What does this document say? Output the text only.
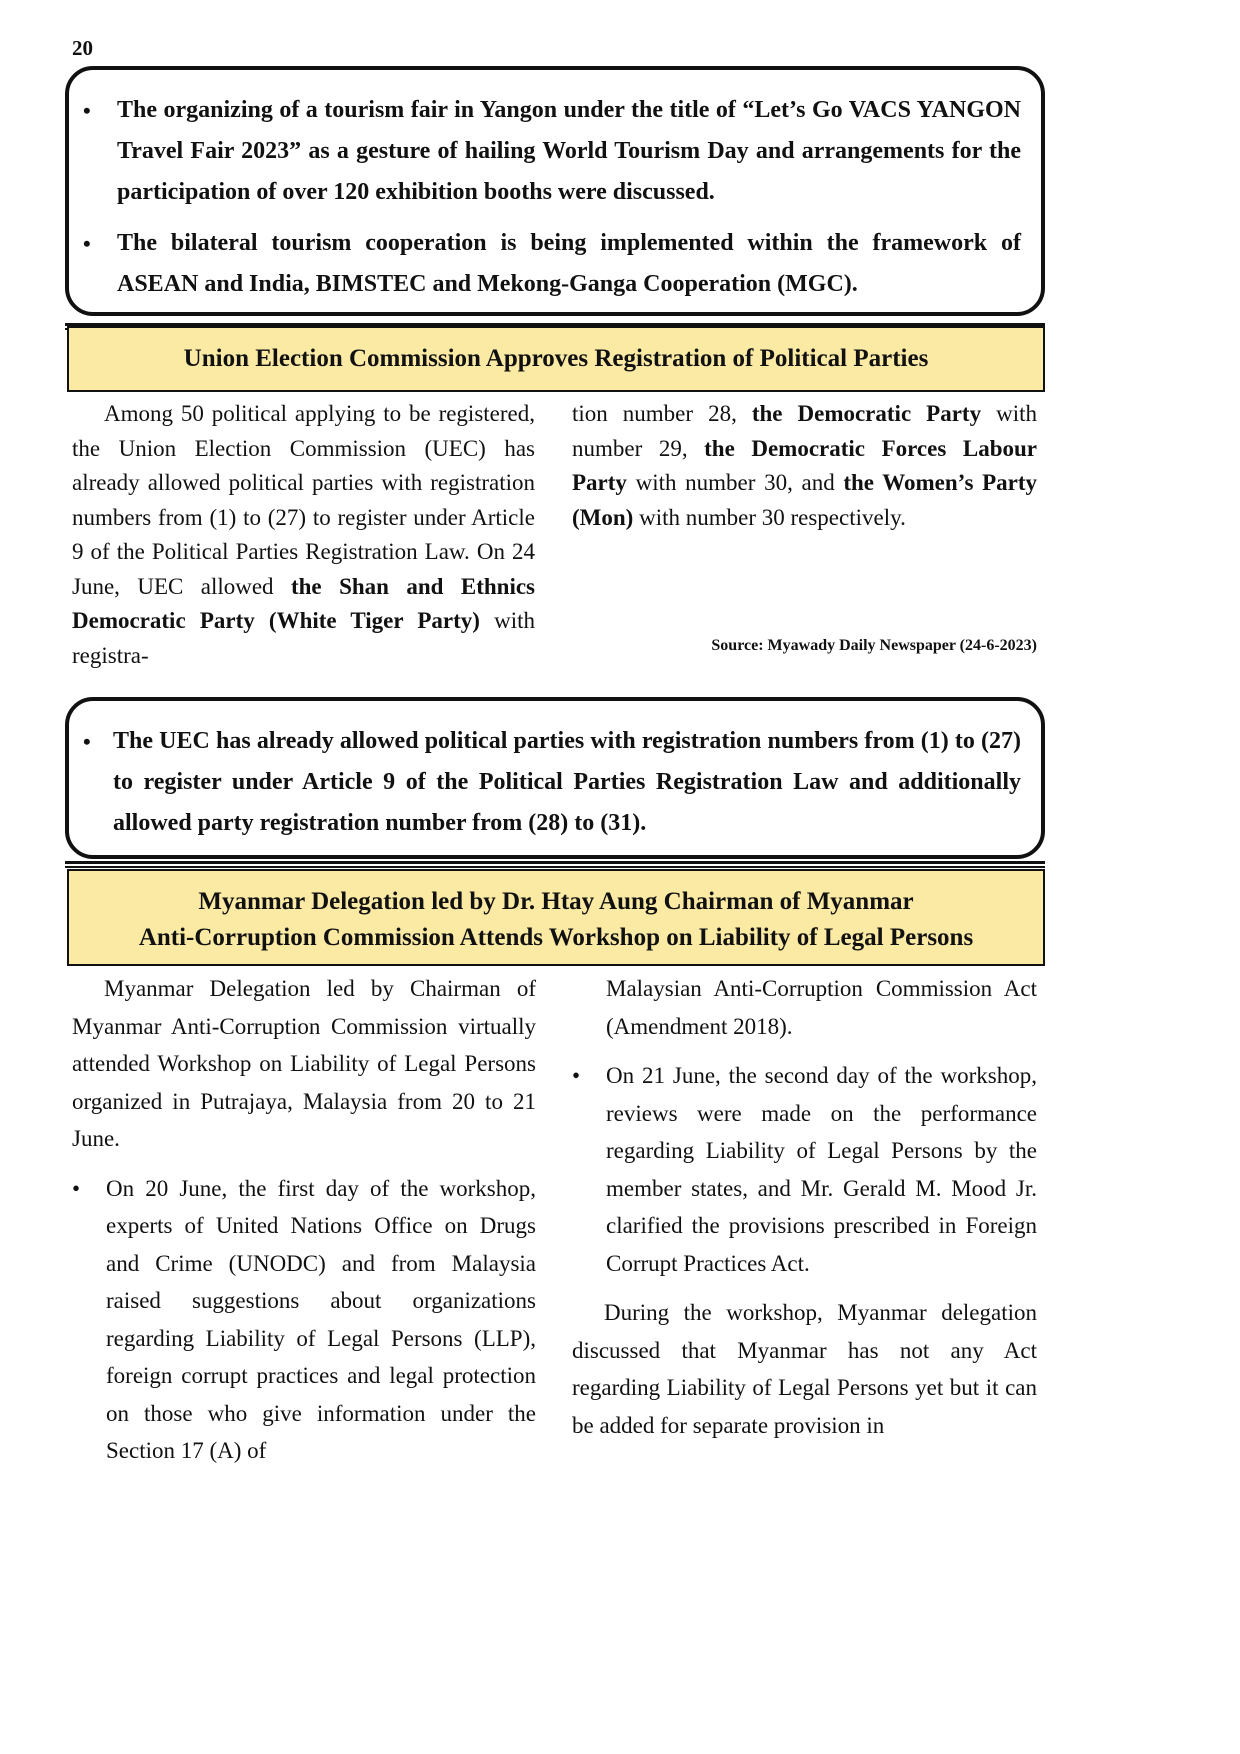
20
• The organizing of a tourism fair in Yangon under the title of “Let’s Go VACS YANGON Travel Fair 2023” as a gesture of hailing World Tourism Day and arrangements for the participation of over 120 exhibition booths were discussed.
• The bilateral tourism cooperation is being implemented within the framework of ASEAN and India, BIMSTEC and Mekong-Ganga Cooperation (MGC).
Union Election Commission Approves Registration of Political Parties

Among 50 political applying to be registered, the Union Election Commission (UEC) has already allowed political parties with registration numbers from (1) to (27) to register under Article 9 of the Political Parties Registration Law. On 24 June, UEC allowed the Shan and Ethnics Democratic Party (White Tiger Party) with registra-

tion number 28, the Democratic Party with number 29, the Democratic Forces Labour Party with number 30, and the Women’s Party (Mon) with number 30 respectively.

Source: Myawady Daily Newspaper (24-6-2023)
• The UEC has already allowed political parties with registration numbers from (1) to (27) to register under Article 9 of the Political Parties Registration Law and additionally allowed party registration number from (28) to (31).
Myanmar Delegation led by Dr. Htay Aung Chairman of Myanmar
Anti-Corruption Commission Attends Workshop on Liability of Legal Persons

Myanmar Delegation led by Chairman of Myanmar Anti-Corruption Commission virtually attended Workshop on Liability of Legal Persons organized in Putrajaya, Malaysia from 20 to 21 June.

• On 20 June, the first day of the workshop, experts of United Nations Office on Drugs and Crime (UNODC) and from Malaysia raised suggestions about organizations regarding Liability of Legal Persons (LLP), foreign corrupt practices and legal protection on those who give information under the Section 17 (A) of

Malaysian Anti-Corruption Commission Act (Amendment 2018).

• On 21 June, the second day of the workshop, reviews were made on the performance regarding Liability of Legal Persons by the member states, and Mr. Gerald M. Mood Jr. clarified the provisions prescribed in Foreign Corrupt Practices Act.

During the workshop, Myanmar delegation discussed that Myanmar has not any Act regarding Liability of Legal Persons yet but it can be added for separate provision in
